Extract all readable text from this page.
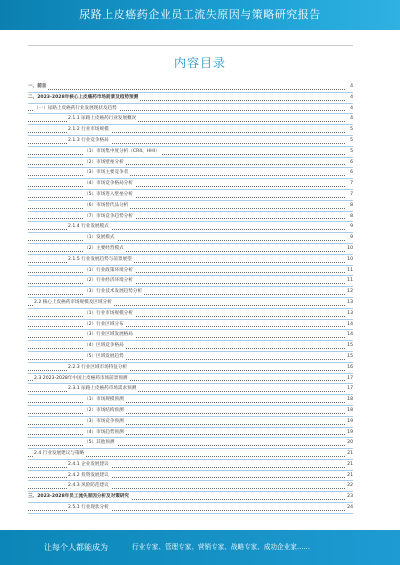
尿路上皮癌药企业员工流失原因与策略研究报告
内容目录
一、前言	4
二、2023-2028年核心上皮癌药市场前景及趋势预测	4
（一）尿路上皮癌药行业发展现状及趋势	4
2.1.1 尿路上皮癌药行业发展概况	4
2.1.2 行业市场规模	5
2.1.3 行业竞争格局	5
（1）市场集中度分析（CR4、HHI）	5
（2）市场壁垒分析	6
（3）市场主要竞争者	6
（4）市场竞争格局分析	7
（5）市场进入壁垒分析	7
（6）市场替代品分析	8
（7）市场竞争趋势分析	8
2.1.4 行业发展模式	9
（1）发展模式	9
（2）主要经营模式	10
2.1.5 行业发展趋势与前景展望	10
（1）行业政策环境分析	11
（2）行业经济环境分析	11
（3）行业技术发展趋势分析	12
2.2 核心上皮癌药市场规模及区域分析	13
（1）行业市场规模分析	13
（2）行业区域分布	14
（3）行业区域发展格局	14
（4）区域竞争格局	15
（5）区域发展趋势	15
2.2.3 行业区域市场特征分析	16
2.3 2023-2028年中国上皮癌药市场前景预测	17
2.3.1 尿路上皮癌药市场需求预测	17
（1）市场规模预测	18
（2）市场结构预测	18
（3）市场竞争预测	19
（4）市场趋势预测	19
（5）其他预测	20
2.4 行业发展建议与策略	21
2.4.1 企业发展建议	21
2.4.2 投资发展建议	21
2.4.3 风险防范建议	22
三、2023-2028年员工流失原因分析及对策研究	23
2.5.1 行业现状分析	24
让每个人都能成为	行业专家、管理专家、营销专家、战略专家、成功企业家……
